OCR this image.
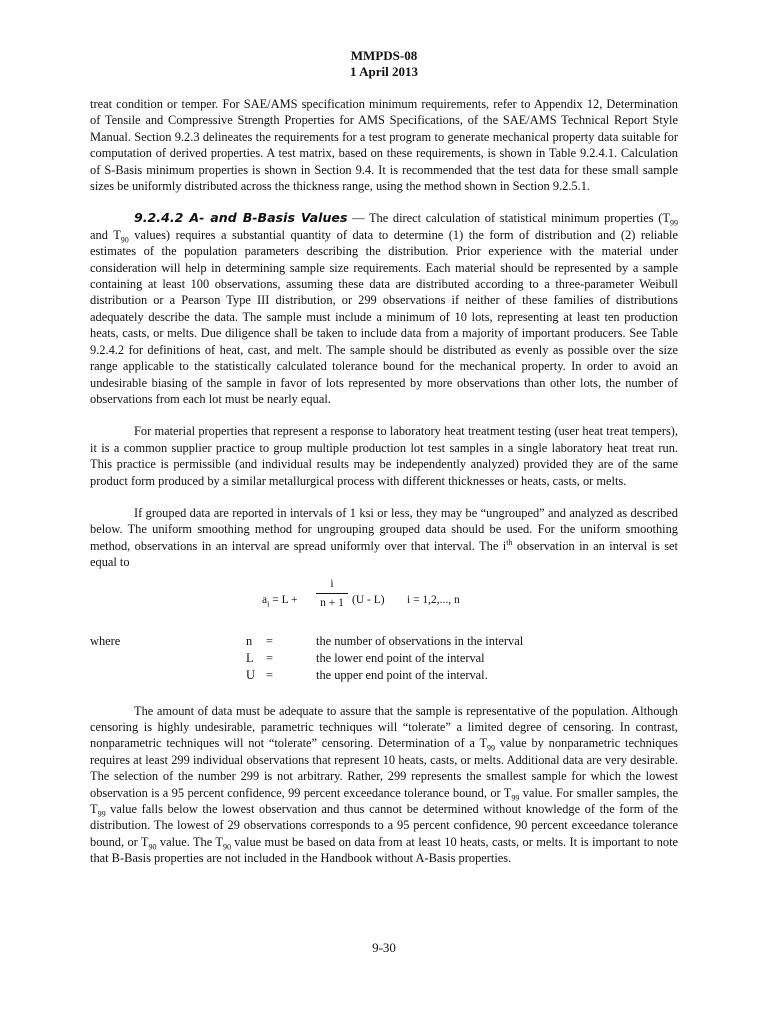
MMPDS-08
1 April 2013

treat condition or temper. For SAE/AMS specification minimum requirements, refer to Appendix 12, Determination of Tensile and Compressive Strength Properties for AMS Specifications, of the SAE/AMS Technical Report Style Manual. Section 9.2.3 delineates the requirements for a test program to generate mechanical property data suitable for computation of derived properties. A test matrix, based on these requirements, is shown in Table 9.2.4.1. Calculation of S-Basis minimum properties is shown in Section 9.4. It is recommended that the test data for these small sample sizes be uniformly distributed across the thickness range, using the method shown in Section 9.2.5.1.

9.2.4.2 A- and B-Basis Values — The direct calculation of statistical minimum properties ($T_{99}$ and $T_{90}$ values) requires a substantial quantity of data to determine (1) the form of distribution and (2) reliable estimates of the population parameters describing the distribution. Prior experience with the material under consideration will help in determining sample size requirements. Each material should be represented by a sample containing at least 100 observations, assuming these data are distributed according to a three-parameter Weibull distribution or a Pearson Type III distribution, or 299 observations if neither of these families of distributions adequately describe the data. The sample must include a minimum of 10 lots, representing at least ten production heats, casts, or melts. Due diligence shall be taken to include data from a majority of important producers. See Table 9.2.4.2 for definitions of heat, cast, and melt. The sample should be distributed as evenly as possible over the size range applicable to the statistically calculated tolerance bound for the mechanical property. In order to avoid an undesirable biasing of the sample in favor of lots represented by more observations than other lots, the number of observations from each lot must be nearly equal.

For material properties that represent a response to laboratory heat treatment testing (user heat treat tempers), it is a common supplier practice to group multiple production lot test samples in a single laboratory heat treat run. This practice is permissible (and individual results may be independently analyzed) provided they are of the same product form produced by a similar metallurgical process with different thicknesses or heats, casts, or melts.

If grouped data are reported in intervals of 1 ksi or less, they may be “ungrouped” and analyzed as described below. The uniform smoothing method for ungrouping grouped data should be used. For the uniform smoothing method, observations in an interval are spread uniformly over that interval. The $i^{th}$ observation in an interval is set equal to

$a_i = L$ +
i
n + 1 (U - L) i = 1,2,..., n
where	n	=	the number of observations in the interval
L	=	the lower end point of the interval
U =	the upper end point of the interval.

The amount of data must be adequate to assure that the sample is representative of the population. Although censoring is highly undesirable, parametric techniques will “tolerate” a limited degree of censoring. In contrast, nonparametric techniques will not “tolerate” censoring. Determination of a $T_{99}$ value by nonparametric techniques requires at least 299 individual observations that represent 10 heats, casts, or melts. Additional data are very desirable. The selection of the number 299 is not arbitrary. Rather, 299 represents the smallest sample for which the lowest observation is a 95 percent confidence, 99 percent exceedance tolerance bound, or $T_{99}$ value. For smaller samples, the $T_{99}$ value falls below the lowest observation and thus cannot be determined without knowledge of the form of the distribution. The lowest of 29 observations corresponds to a 95 percent confidence, 90 percent exceedance tolerance bound, or $T_{90}$ value. The $T_{90}$ value must be based on data from at least 10 heats, casts, or melts. It is important to note that B-Basis properties are not included in the Handbook without A-Basis properties.

9-30
